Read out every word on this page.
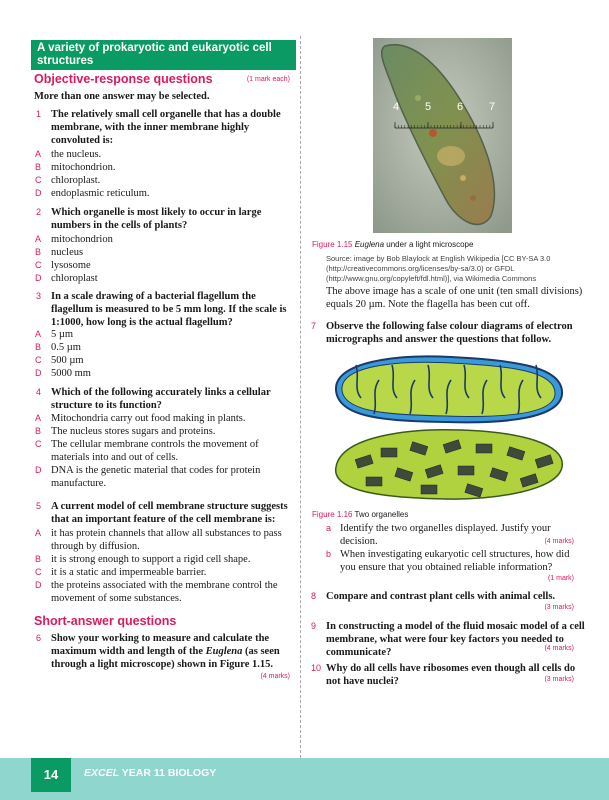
A variety of prokaryotic and eukaryotic cell structures
Objective-response questions	(1 mark each)
More than one answer may be selected.
1 The relatively small cell organelle that has a double membrane, with the inner membrane highly convoluted is:
A the nucleus.
B mitochondrion.
C chloroplast.
D endoplasmic reticulum.
2 Which organelle is most likely to occur in large numbers in the cells of plants?
A mitochondrion
B nucleus
C lysosome
D chloroplast
3 In a scale drawing of a bacterial flagellum the flagellum is measured to be 5 mm long. If the scale is 1:1000, how long is the actual flagellum?
A 5 µm
B 0.5 µm
C 500 µm
D 5000 mm
4 Which of the following accurately links a cellular structure to its function?
A Mitochondria carry out food making in plants.
B The nucleus stores sugars and proteins.
C The cellular membrane controls the movement of materials into and out of cells.
D DNA is the genetic material that codes for protein manufacture.
5 A current model of cell membrane structure suggests that an important feature of the cell membrane is:
A it has protein channels that allow all substances to pass through by diffusion.
B it is strong enough to support a rigid cell shape.
C it is a static and impermeable barrier.
D the proteins associated with the membrane control the movement of some substances.
Short-answer questions
6 Show your working to measure and calculate the maximum width and length of the Euglena (as seen through a light microscope) shown in Figure 1.15.
(4 marks)
4 5 6 7
Figure 1.15 Euglena under a light microscope
Source: image by Bob Blaylock at English Wikipedia [CC BY-SA 3.0 (http://creativecommons.org/licenses/by-sa/3.0) or GFDL (http://www.gnu.org/copyleft/fdl.html)], via Wikimedia Commons
The above image has a scale of one unit (ten small divisions) equals 20 µm. Note the flagella has been cut off.
7 Observe the following false colour diagrams of electron micrographs and answer the questions that follow.
Figure 1.16 Two organelles
a Identify the two organelles displayed. Justify your decision.	(4 marks)
b When investigating eukaryotic cell structures, how did you ensure that you obtained reliable information?
(1 mark)
8 Compare and contrast plant cells with animal cells.
(3 marks)
9 In constructing a model of the fluid mosaic model of a cell membrane, what were four key factors you needed to communicate?	(4 marks)
10 Why do all cells have ribosomes even though all cells do not have nuclei?	(3 marks)
14	EXCEL YEAR 11 BIOLOGY
